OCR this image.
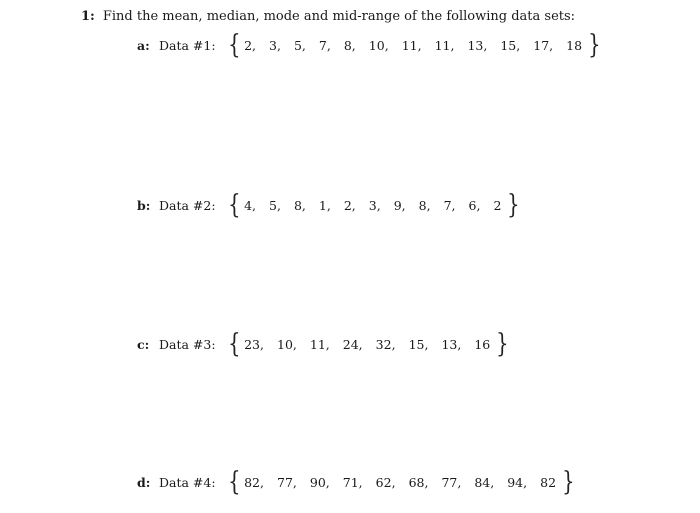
1: Find the mean, median, mode and mid-range of the following data sets:
a: Data #1: { 2, 3, 5, 7, 8, 10, 11, 11, 13, 15, 17, 18 }
b: Data #2: { 4, 5, 8, 1, 2, 3, 9, 8, 7, 6, 2 }
c: Data #3: { 23, 10, 11, 24, 32, 15, 13, 16 }
d: Data #4: { 82, 77, 90, 71, 62, 68, 77, 84, 94, 82 }
